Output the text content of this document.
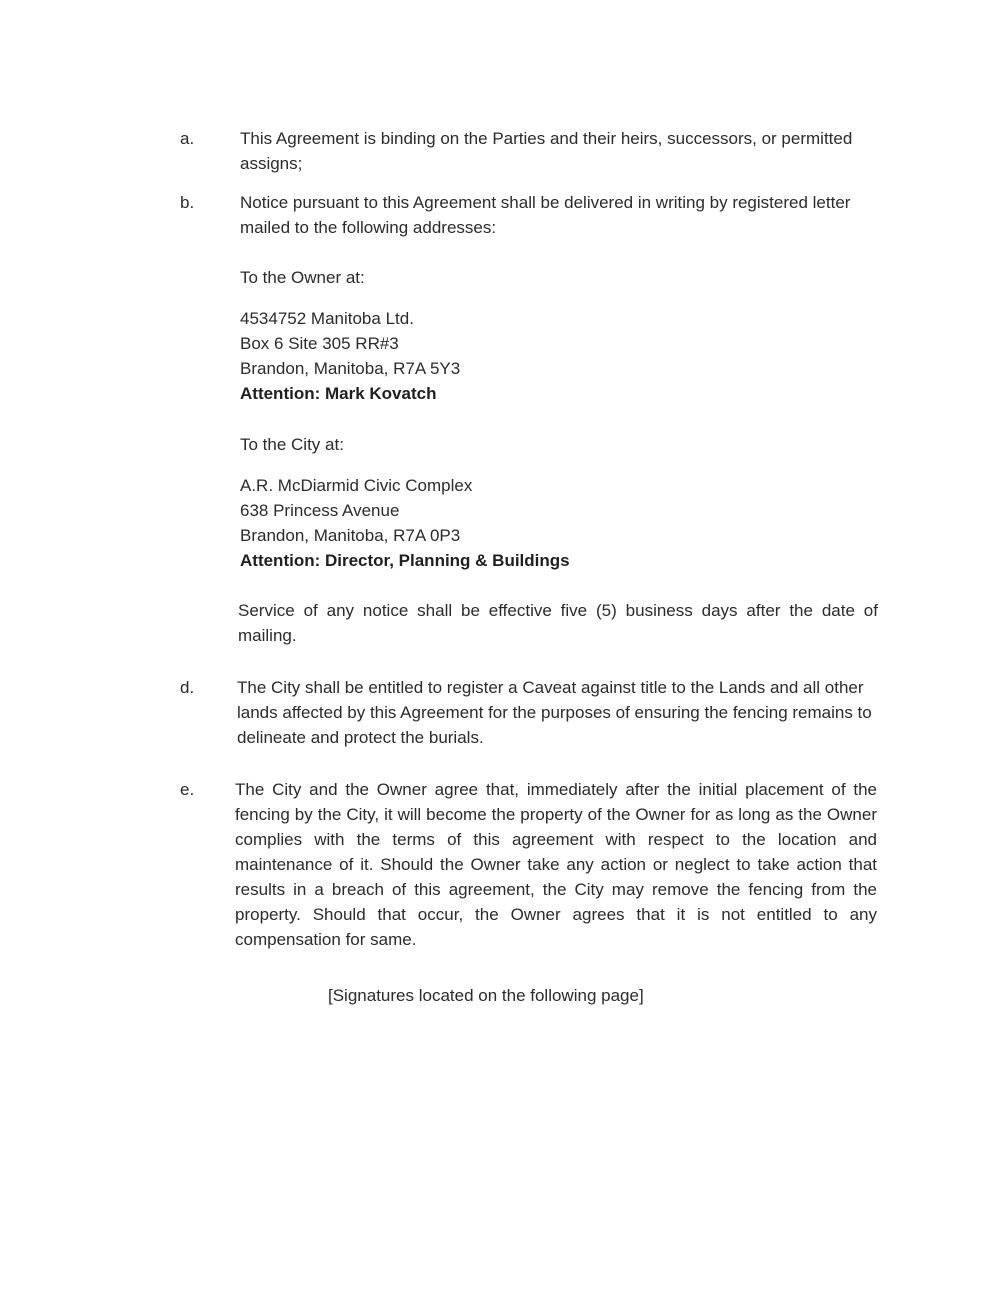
a.	This Agreement is binding on the Parties and their heirs, successors, or permitted assigns;

b.	Notice pursuant to this Agreement shall be delivered in writing by registered letter mailed to the following addresses:

To the Owner at:
4534752 Manitoba Ltd.
Box 6 Site 305 RR#3
Brandon, Manitoba, R7A 5Y3
Attention: Mark Kovatch
To the City at:
A.R. McDiarmid Civic Complex
638 Princess Avenue
Brandon, Manitoba, R7A 0P3
Attention: Director, Planning & Buildings

Service of any notice shall be effective five (5) business days after the date of mailing.

d.	The City shall be entitled to register a Caveat against title to the Lands and all other lands affected by this Agreement for the purposes of ensuring the fencing remains to delineate and protect the burials.

e. The City and the Owner agree that, immediately after the initial placement of the fencing by the City, it will become the property of the Owner for as long as the Owner complies with the terms of this agreement with respect to the location and maintenance of it. Should the Owner take any action or neglect to take action that results in a breach of this agreement, the City may remove the fencing from the property. Should that occur, the Owner agrees that it is not entitled to any compensation for same.

[Signatures located on the following page]
